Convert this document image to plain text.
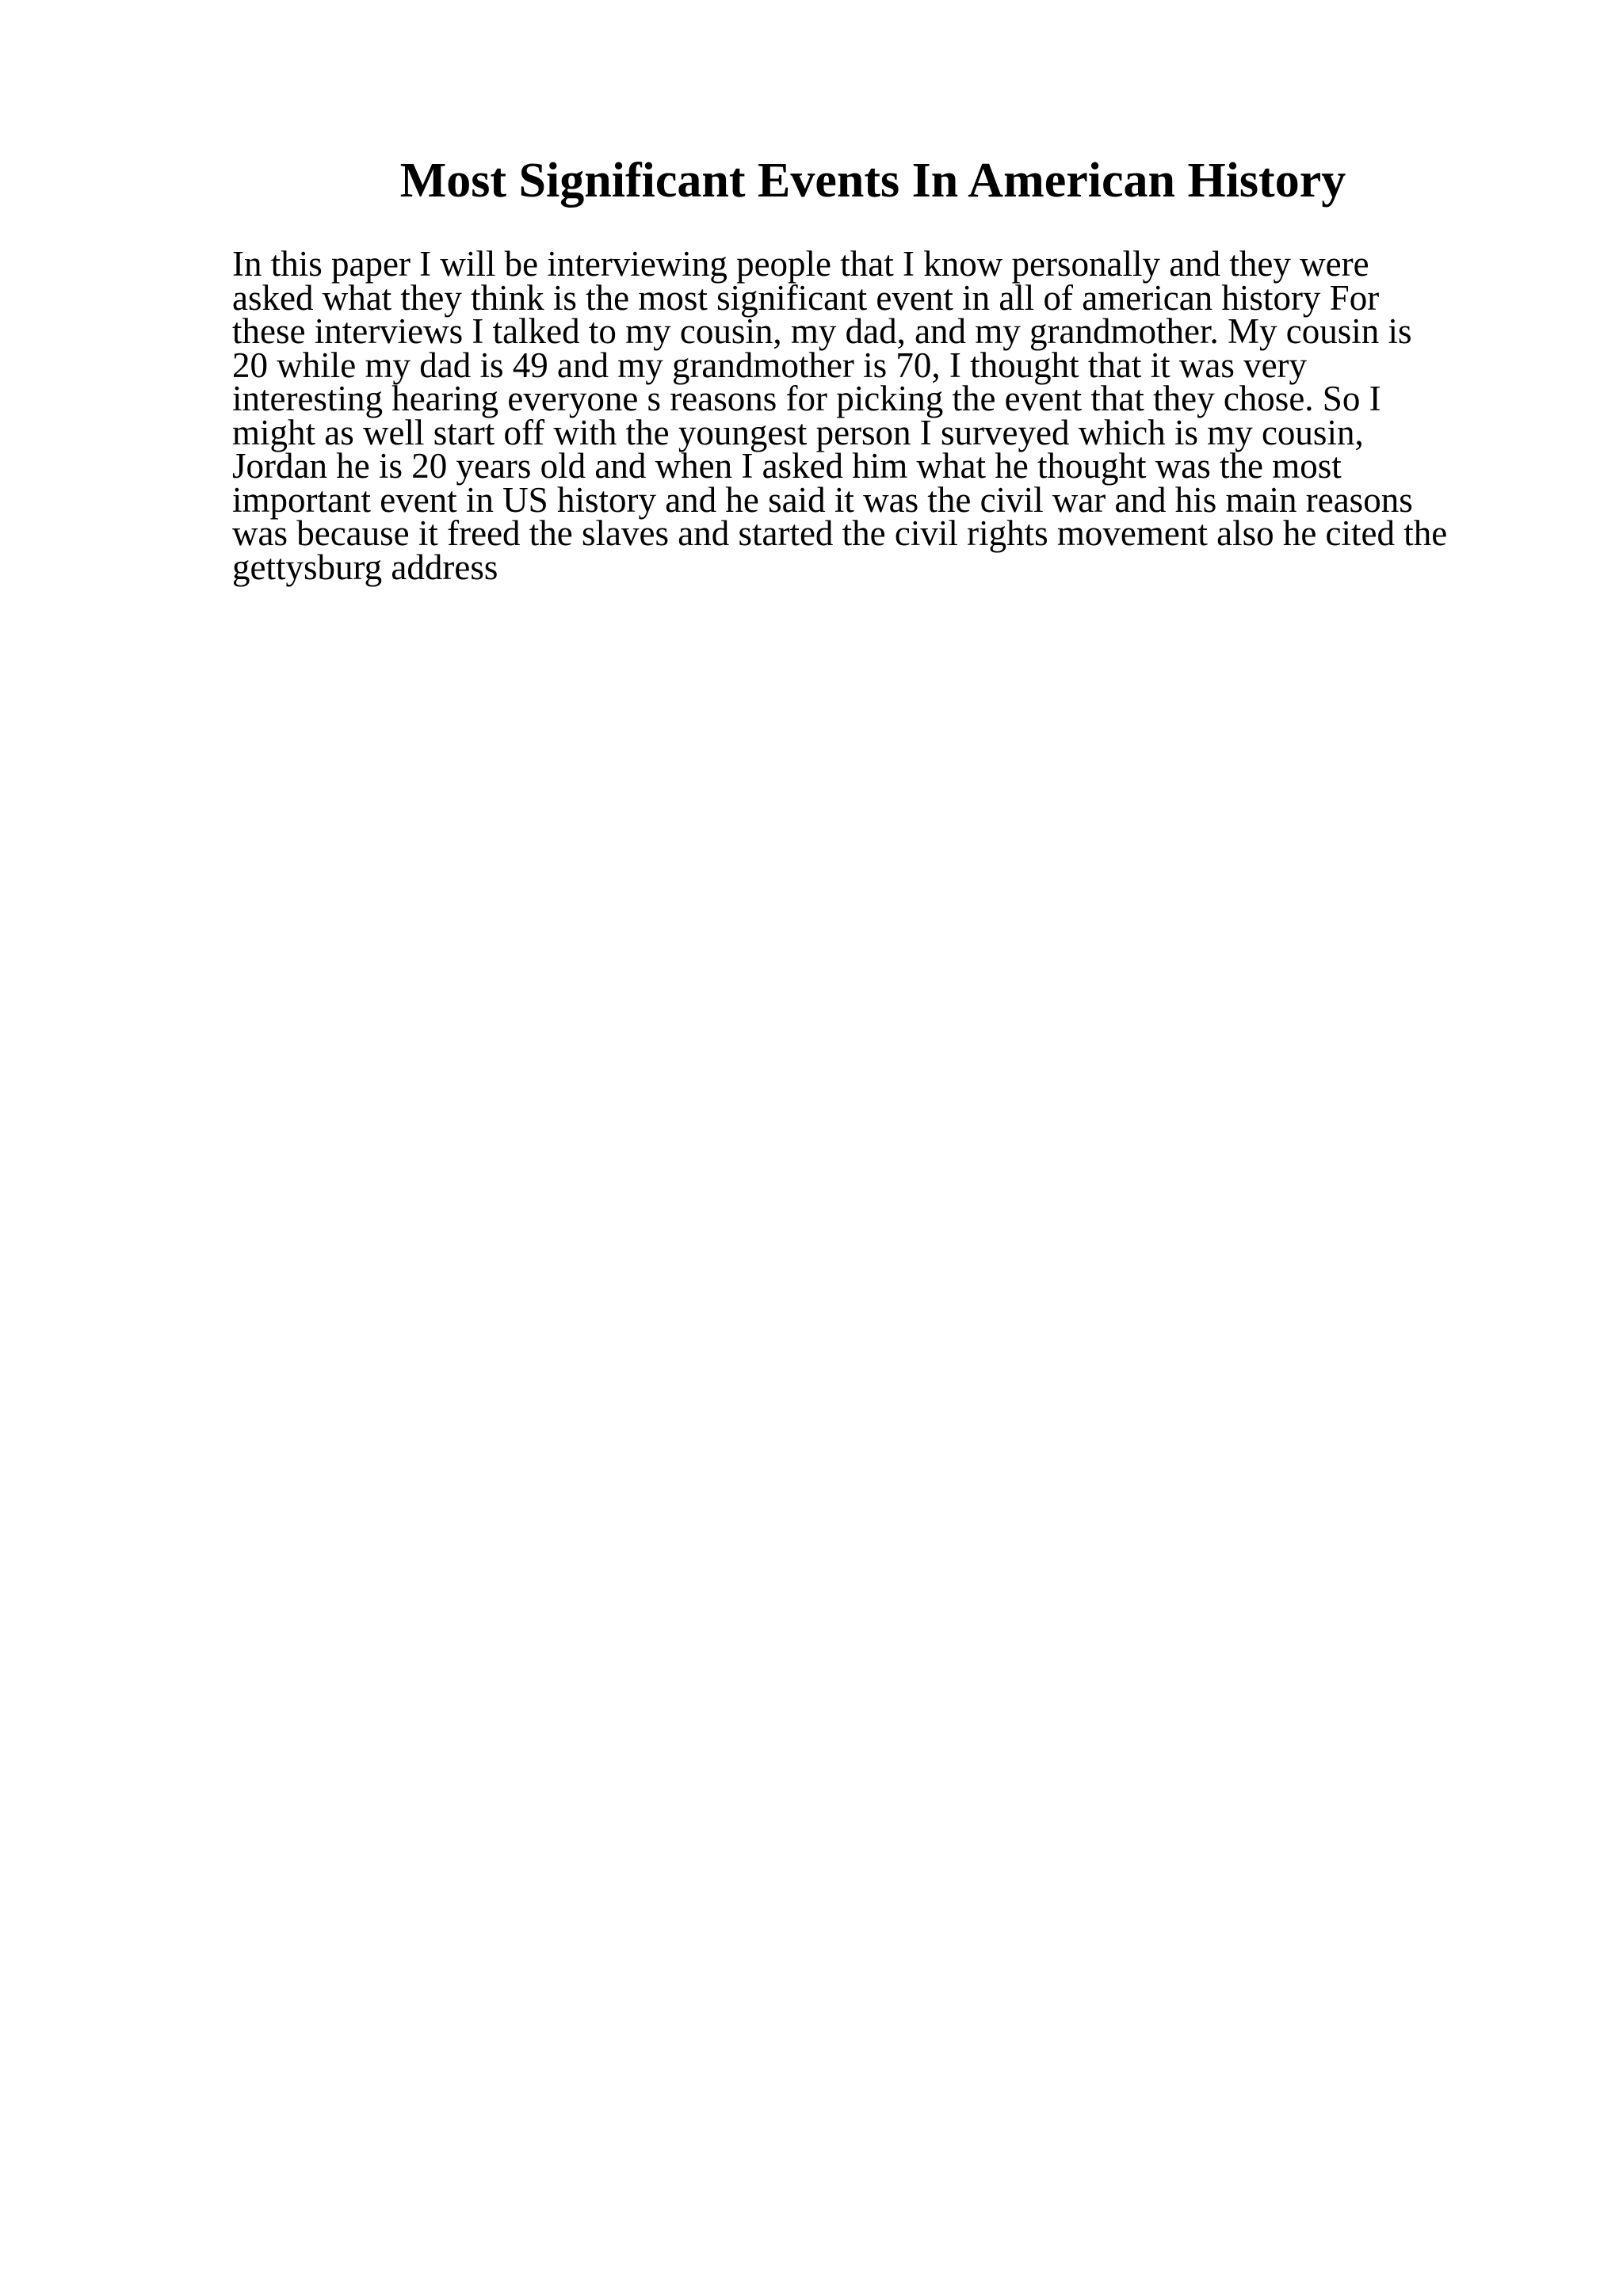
Most Significant Events In American History
In this paper I will be interviewing people that I know personally and they were
asked what they think is the most significant event in all of american history For
these interviews I talked to my cousin, my dad, and my grandmother. My cousin is
20 while my dad is 49 and my grandmother is 70, I thought that it was very
interesting hearing everyone s reasons for picking the event that they chose. So I
might as well start off with the youngest person I surveyed which is my cousin,
Jordan he is 20 years old and when I asked him what he thought was the most
important event in US history and he said it was the civil war and his main reasons
was because it freed the slaves and started the civil rights movement also he cited the
gettysburg address
